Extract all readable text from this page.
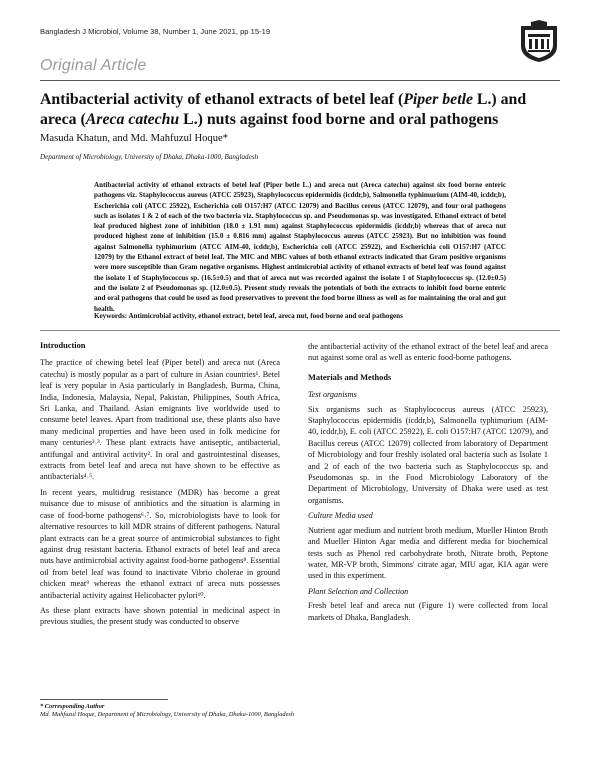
Bangladesh J Microbiol, Volume 38, Number 1, June 2021, pp 15-19
Original Article
Antibacterial activity of ethanol extracts of betel leaf (Piper betle L.) and areca (Areca catechu L.) nuts against food borne and oral pathogens
Masuda Khatun, and Md. Mahfuzul Hoque*
Department of Microbiology, University of Dhaka, Dhaka-1000, Bangladesh
Antibacterial activity of ethanol extracts of betel leaf (Piper betle L.) and areca nut (Areca catechu) against six food borne enteric pathogens viz. Staphylococcus aureus (ATCC 25923), Staphylococcus epidermidis (icddr,b), Salmonella typhimurium (AIM-40, icddr,b), Escherichia coli (ATCC 25922), Escherichia coli O157:H7 (ATCC 12079) and Bacillus cereus (ATCC 12079), and four oral pathogens such as isolates 1 & 2 of each of the two bacteria viz. Staphylococcus sp. and Pseudomonas sp. was investigated. Ethanol extract of betel leaf produced highest zone of inhibition (18.0 ± 1.91 mm) against Staphylococcus epidermidis (icddr,b) whereas that of areca nut produced highest zone of inhibition (15.0 ± 0.816 mm) against Staphylococcus aureus (ATCC 25923). But no inhibition was found against Salmonella typhimurium (ATCC AIM-40, icddr,b), Escherichia coli (ATCC 25922), and Escherichia coli O157:H7 (ATCC 12079) by the Ethanol extract of betel leaf. The MIC and MBC values of both ethanol extracts indicated that Gram positive organisms were more susceptible than Gram negative organisms. Highest antimicrobial activity of ethanol extracts of betel leaf was found against the isolate 1 of Staphylococcus sp. (16.5±0.5) and that of areca nut was recorded against the isolate 1 of Staphylococcus sp. (12.0±0.5) and the isolate 2 of Pseudomonas sp. (12.0±0.5). Present study reveals the potentials of both the extracts to inhibit food borne enteric and oral pathogens that could be used as food preservatives to prevent the food borne illness as well as for maintaining the oral and gut health.
Keywords: Antimicrobial activity, ethanol extract, betel leaf, areca nut, food borne and oral pathogens
Introduction

The practice of chewing betel leaf (Piper betel) and areca nut (Areca catechu) is mostly popular as a part of culture in Asian countries¹. Betel leaf is very popular in Asia particularly in Bangladesh, Burma, China, India, Indonesia, Malaysia, Nepal, Pakistan, Philippines, South Africa, Sri Lanka, and Thailand. Asian emigrants live worldwide used to consume betel leaves. Apart from traditional use, these plants also have many medicinal properties and have been used in folk medicine for many centuries²˒³. These plant extracts have antiseptic, antibacterial, antifungal and antiviral activity². In oral and gastrointestinal diseases, extracts from betel leaf and areca nut have shown to be effective as antibacterials⁴˒⁵.

In recent years, multidrug resistance (MDR) has become a great nuisance due to misuse of antibiotics and the situation is alarming in case of food-borne pathogens⁶˒⁷. So, microbiologists have to look for alternative resources to kill MDR strains of different pathogens. Natural plant extracts can be a great source of antimicrobial substances to fight against drug resistant bacteria. Ethanol extracts of betel leaf and areca nuts have antimicrobial activity against food-borne pathogens⁸. Essential oil from betel leaf was found to inactivate Vibrio cholerae in ground chicken meat⁹ whereas the ethanol extract of areca nuts possesses antibacterial activity against Helicobacter pylori¹⁰.

As these plant extracts have shown potential in medicinal aspect in previous studies, the present study was conducted to observe

the antibacterial activity of the ethanol extract of the betel leaf and areca nut against some oral as well as enteric food-borne pathogens.

Materials and Methods
Test organisms

Six organisms such as Staphylococcus aureus (ATCC 25923), Staphylococcus epidermidis (icddr,b), Salmonella typhimurium (AIM-40, icddr,b), E. coli (ATCC 25922), E. coli O157:H7 (ATCC 12079), and Bacillus cereus (ATCC 12079) collected from laboratory of Department of Microbiology and four freshly isolated oral bacteria such as Isolate 1 and 2 of each of the two bacteria such as Staphylococcus sp. and Pseudomonas sp. in the Food Microbiology Laboratory of the Department of Microbiology, University of Dhaka were used as test organisms.

Culture Media used

Nutrient agar medium and nutrient broth medium, Mueller Hinton Broth and Mueller Hinton Agar media and different media for biochemical tests such as Phenol red carbohydrate broth, Nitrate broth, Peptone water, MR-VP broth, Simmons' citrate agar, MIU agar, KIA agar were used in this experiment.

Plant Selection and Collection

Fresh betel leaf and areca nut (Figure 1) were collected from local markets of Dhaka, Bangladesh.

* Corresponding Author
Md. Mahfuzul Hoque, Department of Microbiology, University of Dhaka, Dhaka-1000, Bangladesh
